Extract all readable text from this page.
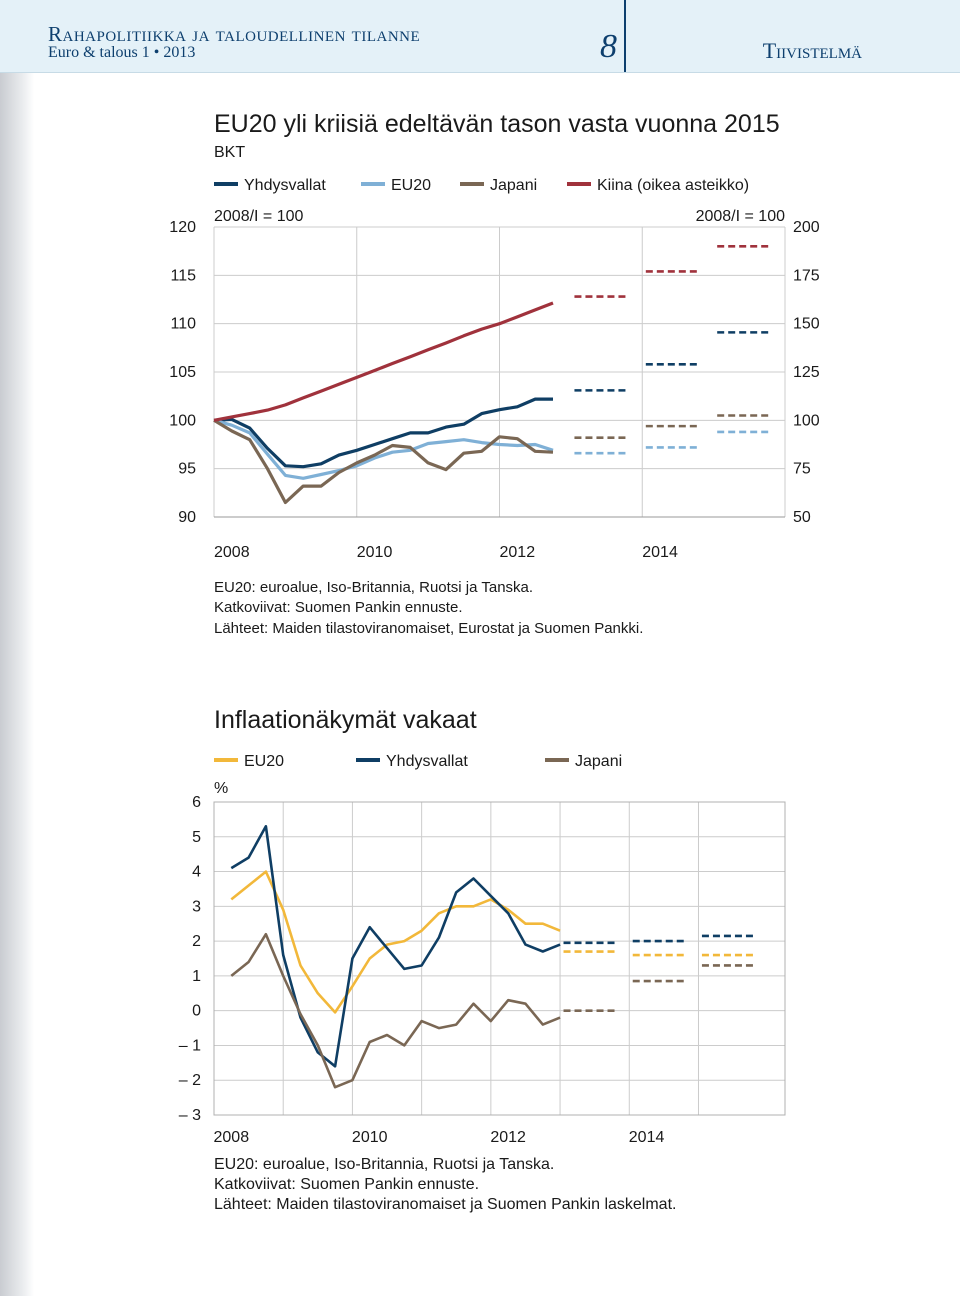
Rahapolitiikka ja taloudellinen tilanne
Euro & talous 1 • 2013	8	Tiivistelmä
EU20 yli kriisiä edeltävän tason vasta vuonna 2015
BKT
Yhdysvallat	EU20	Japani	Kiina (oikea asteikko)
2008/I = 100	2008/I = 100
120
115
110
105
100
95
90
200
175
150
125
100
75
50
2008	2010	2012	2014
EU20: euroalue, Iso-Britannia, Ruotsi ja Tanska.
Katkoviivat: Suomen Pankin ennuste.
Lähteet: Maiden tilastoviranomaiset, Eurostat ja Suomen Pankki.
Inflaationäkymät vakaat
EU20	Yhdysvallat	Japani
%
6
5
4
3
2
1
0
– 1
– 2
– 3
2008	2010	2012	2014
EU20: euroalue, Iso-Britannia, Ruotsi ja Tanska.
Katkoviivat: Suomen Pankin ennuste.
Lähteet: Maiden tilastoviranomaiset ja Suomen Pankin laskelmat.
